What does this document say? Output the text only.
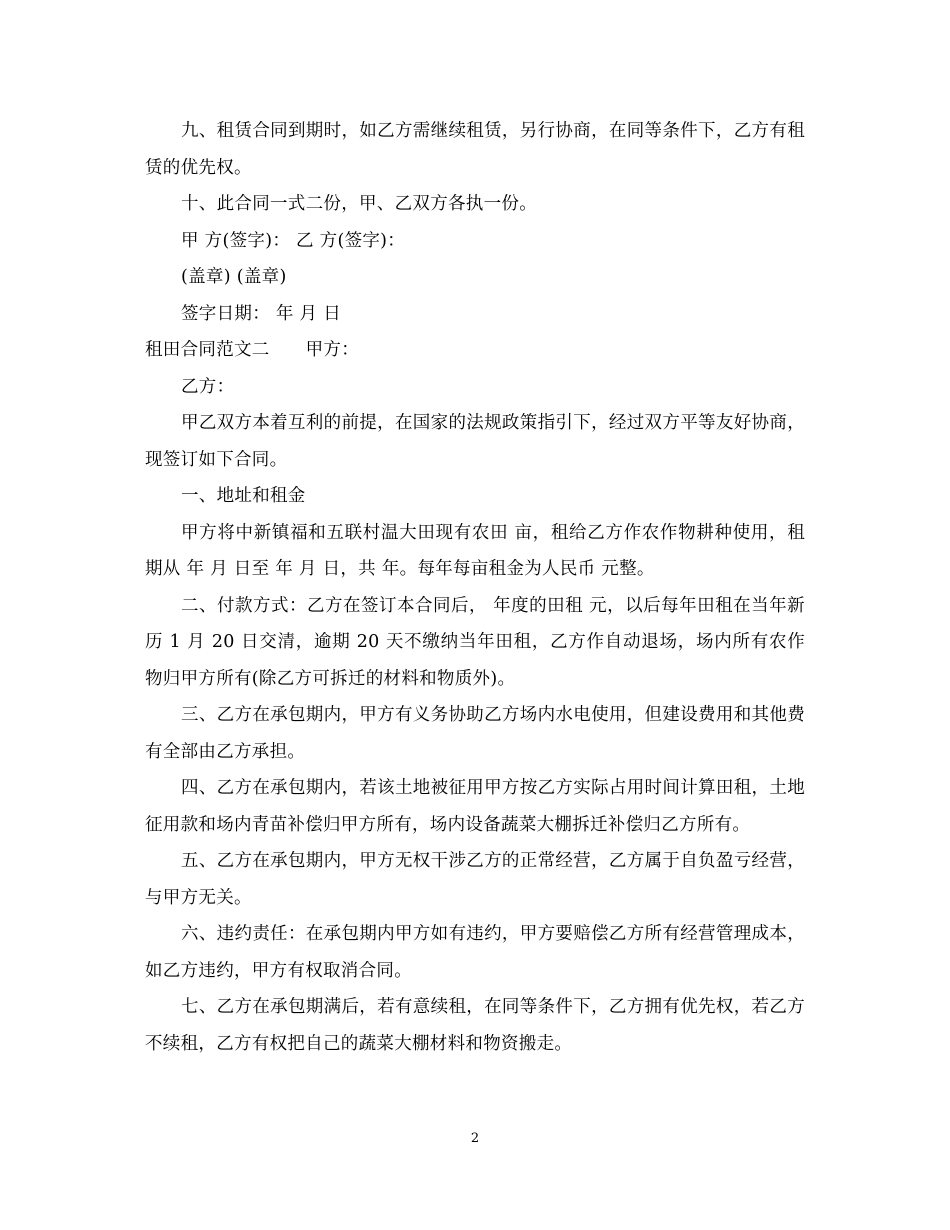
九、租赁合同到期时，如乙方需继续租赁，另行协商，在同等条件下，乙方有租赁的优先权。

十、此合同一式二份，甲、乙双方各执一份。

甲 方(签字)： 乙 方(签字)：

(盖章) (盖章)

签字日期： 年 月 日

租田合同范文二 甲方：

乙方：

甲乙双方本着互利的前提，在国家的法规政策指引下，经过双方平等友好协商，现签订如下合同。

一、地址和租金

甲方将中新镇福和五联村温大田现有农田 亩，租给乙方作农作物耕种使用，租期从 年 月 日至 年 月 日，共 年。每年每亩租金为人民币 元整。

二、付款方式：乙方在签订本合同后， 年度的田租 元，以后每年田租在当年新历 1 月 20 日交清，逾期 20 天不缴纳当年田租，乙方作自动退场，场内所有农作物归甲方所有(除乙方可拆迁的材料和物质外)。

三、乙方在承包期内，甲方有义务协助乙方场内水电使用，但建设费用和其他费有全部由乙方承担。

四、乙方在承包期内，若该土地被征用甲方按乙方实际占用时间计算田租，土地征用款和场内青苗补偿归甲方所有，场内设备蔬菜大棚拆迁补偿归乙方所有。

五、乙方在承包期内，甲方无权干涉乙方的正常经营，乙方属于自负盈亏经营，与甲方无关。

六、违约责任：在承包期内甲方如有违约，甲方要赔偿乙方所有经营管理成本，如乙方违约，甲方有权取消合同。

七、乙方在承包期满后，若有意续租，在同等条件下，乙方拥有优先权，若乙方不续租，乙方有权把自己的蔬菜大棚材料和物资搬走。

2
